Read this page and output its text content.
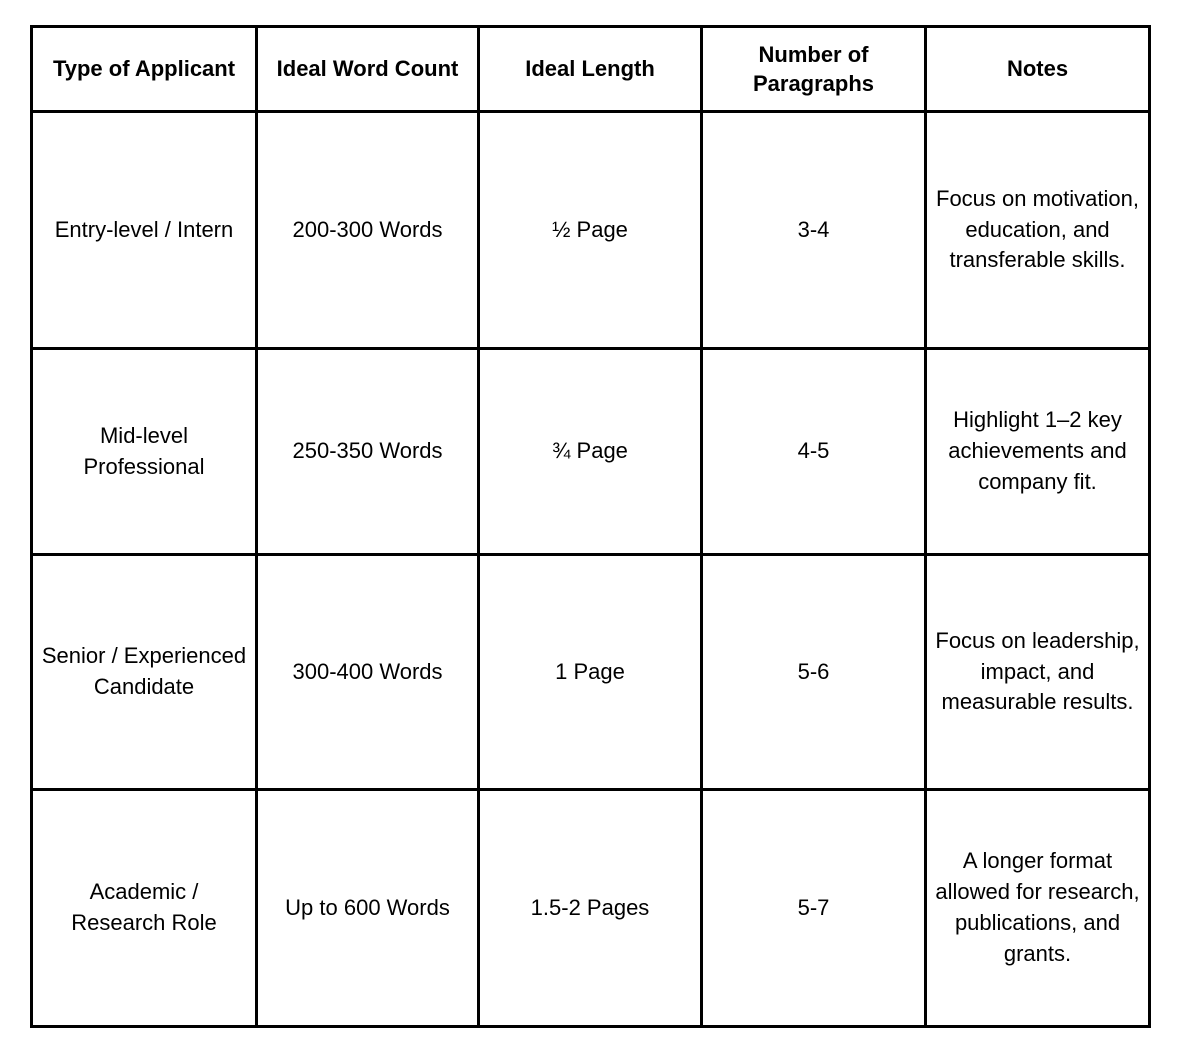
Type of Applicant	Ideal Word Count	Ideal Length	Number of Paragraphs	Notes

Entry-level / Intern	200-300 Words	½ Page	3-4	Focus on motivation, education, and transferable skills.

Mid-level Professional	250-350 Words	¾ Page	4-5	Highlight 1–2 key achievements and company fit.

Senior / Experienced Candidate	300-400 Words	1 Page	5-6	Focus on leadership, impact, and measurable results.

Academic / Research Role	Up to 600 Words	1.5-2 Pages	5-7	A longer format allowed for research, publications, and grants.
